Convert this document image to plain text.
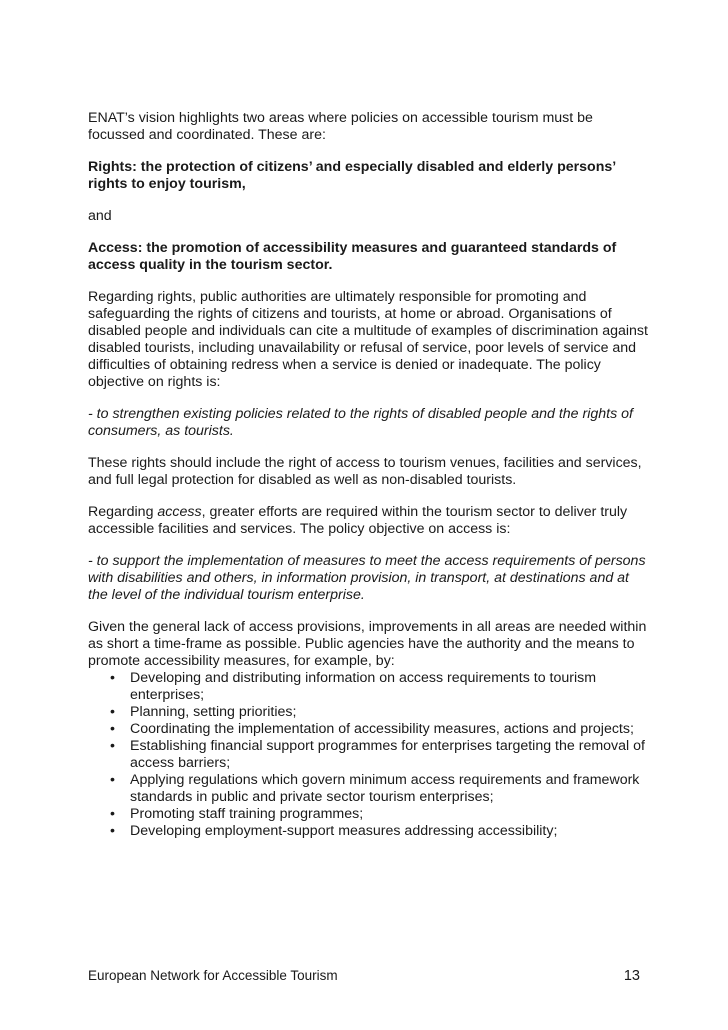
ENAT’s vision highlights two areas where policies on accessible tourism must be focussed and coordinated. These are:

Rights: the protection of citizens’ and especially disabled and elderly persons’ rights to enjoy tourism,

and

Access: the promotion of accessibility measures and guaranteed standards of access quality in the tourism sector.

Regarding rights, public authorities are ultimately responsible for promoting and safeguarding the rights of citizens and tourists, at home or abroad. Organisations of disabled people and individuals can cite a multitude of examples of discrimination against disabled tourists, including unavailability or refusal of service, poor levels of service and difficulties of obtaining redress when a service is denied or inadequate. The policy objective on rights is:

- to strengthen existing policies related to the rights of disabled people and the rights of consumers, as tourists.

These rights should include the right of access to tourism venues, facilities and services, and full legal protection for disabled as well as non-disabled tourists.

Regarding access, greater efforts are required within the tourism sector to deliver truly accessible facilities and services. The policy objective on access is:

- to support the implementation of measures to meet the access requirements of persons with disabilities and others, in information provision, in transport, at destinations and at the level of the individual tourism enterprise.

Given the general lack of access provisions, improvements in all areas are needed within as short a time-frame as possible. Public agencies have the authority and the means to promote accessibility measures, for example, by:

• Developing and distributing information on access requirements to tourism enterprises;
• Planning, setting priorities;
• Coordinating the implementation of accessibility measures, actions and projects;
• Establishing financial support programmes for enterprises targeting the removal of access barriers;
• Applying regulations which govern minimum access requirements and framework standards in public and private sector tourism enterprises;
• Promoting staff training programmes;
• Developing employment-support measures addressing accessibility;
European Network for Accessible Tourism	13
